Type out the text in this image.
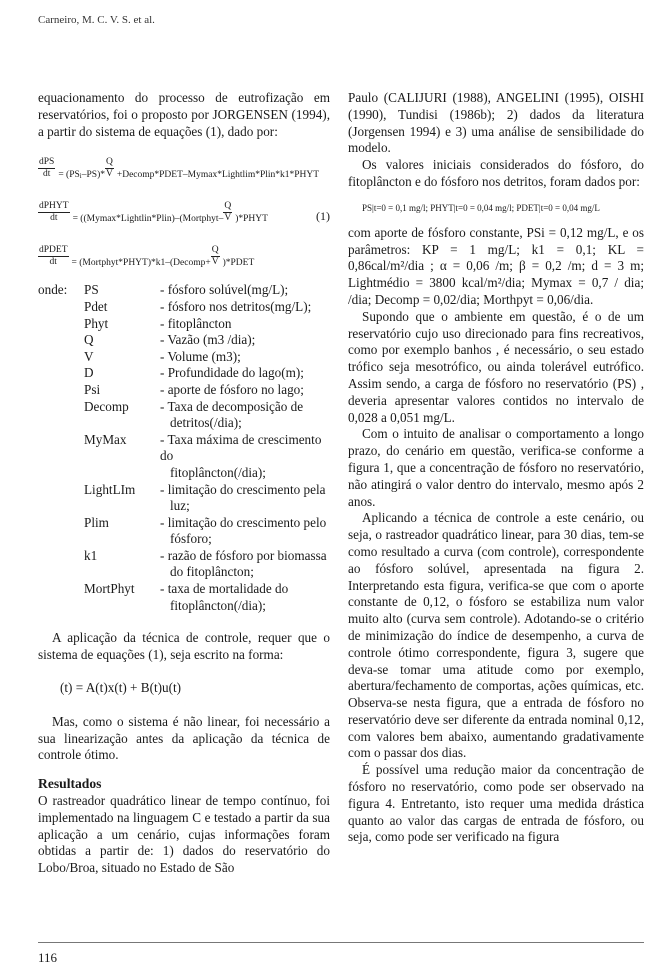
Carneiro, M. C. V. S. et al.

equacionamento do processo de eutrofização em reservatórios, foi o proposto por JORGENSEN (1994), a partir do sistema de equações (1), dado por:

$\frac{\text{dPS}}{dt} = (PS$ i $-PS)* \frac{Q}{V}$ +Decomp*PDET–Mymax*Lightlim*Plin*k1*PHYT
$\frac{\text{dPHYT}}{dt}$ = ((Mymax*Lightlin*Plin)–(Mortphyt– $\frac{Q}{V}$ )*PHYT	(1)
$\frac{\text{dPDET}}{dt}$ = (Mortphyt*PHYT)*k1–(Decomp+ $\frac{Q}{V}$ )*PDET
onde:	PS	- fósforo solúvel(mg/L);
Pdet	- fósforo nos detritos(mg/L);
Phyt	- fitoplâncton
Q	- Vazão (m3 /dia);
V	- Volume (m3);
D	- Profundidade do lago(m);
Psi	- aporte de fósforo no lago;
Decomp	- Taxa de decomposição de
detritos(/dia);
MyMax	- Taxa máxima de crescimento do
fitoplâncton(/dia);
LightLIm	- limitação do crescimento pela
luz;
Plim	- limitação do crescimento pelo
fósforo;
k1	- razão de fósforo por biomassa
do fitoplâncton;
MortPhyt	- taxa de mortalidade do
fitoplâncton(/dia);

A aplicação da técnica de controle, requer que o sistema de equações (1), seja escrito na forma:

(t) = A(t)x(t) + B(t)u(t)

Mas, como o sistema é não linear, foi necessário a sua linearização antes da aplicação da técnica de controle ótimo.

Resultados

O rastreador quadrático linear de tempo contínuo, foi implementado na linguagem C e testado a partir da sua aplicação a um cenário, cujas informações foram obtidas a partir de: 1) dados do reservatório do Lobo/Broa, situado no Estado de São

Paulo (CALIJURI (1988), ANGELINI (1995), OISHI (1990), Tundisi (1986b); 2) dados da literatura (Jorgensen 1994) e 3) uma análise de sensibilidade do modelo.

Os valores iniciais considerados do fósforo, do fitoplâncton e do fósforo nos detritos, foram dados por:

PS|t=0 = 0,1 mg/l; PHYT|t=0 = 0,04 mg/l; PDET|t=0 = 0,04 mg/L

com aporte de fósforo constante, PSi = 0,12 mg/L, e os parâmetros: KP = 1 mg/L; k1 = 0,1; KL = 0,86cal/m²/dia ; α = 0,06 /m; β = 0,2 /m; d = 3 m; Lightmédio = 3800 kcal/m²/dia; Mymax = 0,7 / dia; /dia; Decomp = 0,02/dia; Morthpyt = 0,06/dia.

Supondo que o ambiente em questão, é o de um reservatório cujo uso direcionado para fins recreativos, como por exemplo banhos , é necessário, o seu estado trófico seja mesotrófico, ou ainda tolerável eutrófico. Assim sendo, a carga de fósforo no reservatório (PS) , deveria apresentar valores contidos no intervalo de 0,028 a 0,051 mg/L.

Com o intuito de analisar o comportamento a longo prazo, do cenário em questão, verifica-se conforme a figura 1, que a concentração de fósforo no reservatório, não atingirá o valor dentro do intervalo, mesmo após 2 anos.

Aplicando a técnica de controle a este cenário, ou seja, o rastreador quadrático linear, para 30 dias, tem-se como resultado a curva (com controle), correspondente ao fósforo solúvel, apresentada na figura 2. Interpretando esta figura, verifica-se que com o aporte constante de 0,12, o fósforo se estabiliza num valor muito alto (curva sem controle). Adotando-se o critério de minimização do índice de desempenho, a curva de controle ótimo correspondente, figura 3, sugere que deva-se tomar uma atitude como por exemplo, abertura/fechamento de comportas, ações químicas, etc. Observa-se nesta figura, que a entrada de fósforo no reservatório deve ser diferente da entrada nominal 0,12, com valores bem abaixo, aumentando gradativamente com o passar dos dias.

É possível uma redução maior da concentração de fósforo no reservatório, como pode ser observado na figura 4. Entretanto, isto requer uma medida drástica quanto ao valor das cargas de entrada de fósforo, ou seja, como pode ser verificado na figura

116
